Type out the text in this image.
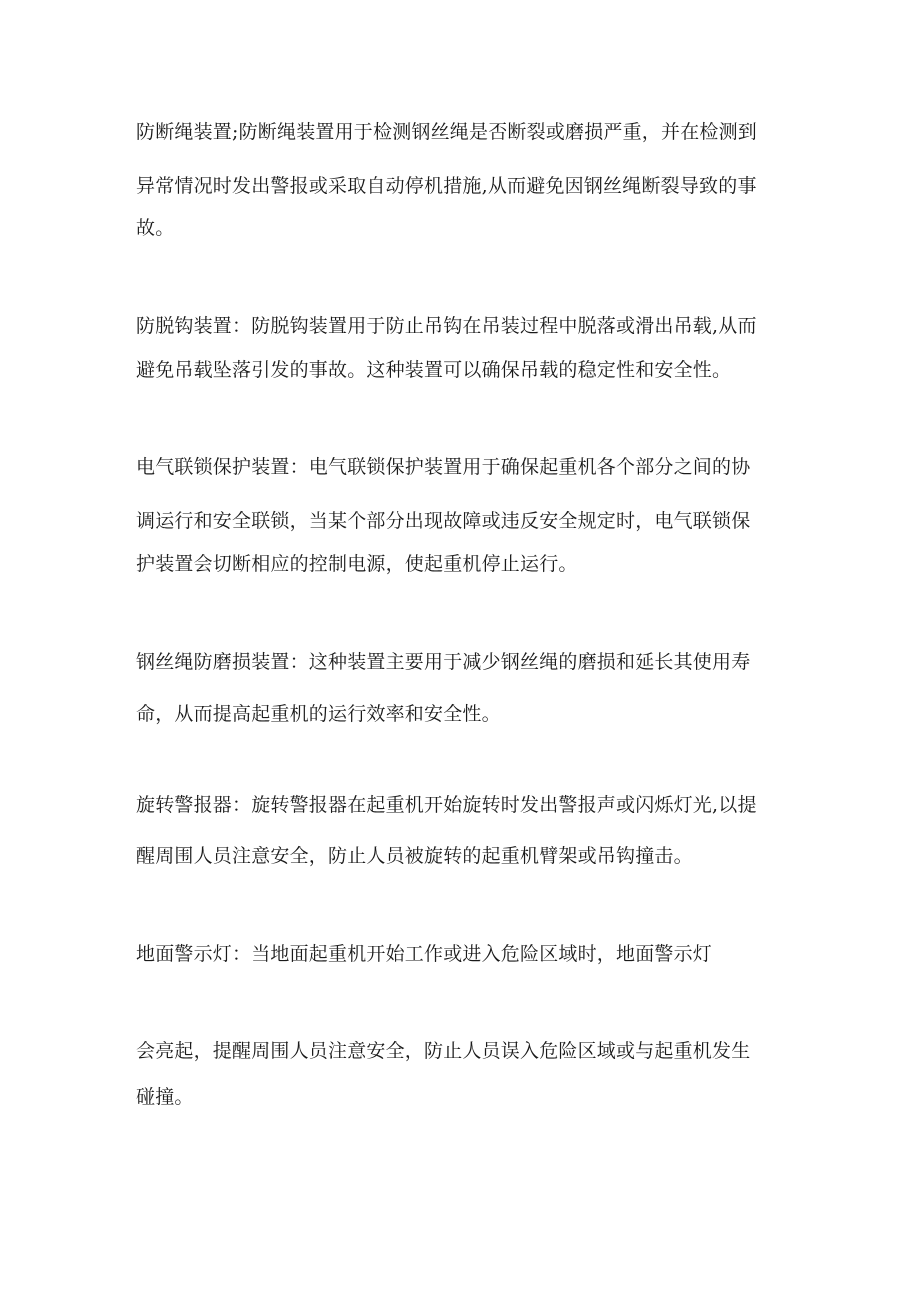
防断绳装置;防断绳装置用于检测钢丝绳是否断裂或磨损严重，并在检测到
异常情况时发出警报或采取自动停机措施,从而避免因钢丝绳断裂导致的事
故。
防脱钩装置：防脱钩装置用于防止吊钩在吊装过程中脱落或滑出吊载,从而
避免吊载坠落引发的事故。这种装置可以确保吊载的稳定性和安全性。
电气联锁保护装置：电气联锁保护装置用于确保起重机各个部分之间的协
调运行和安全联锁，当某个部分出现故障或违反安全规定时，电气联锁保
护装置会切断相应的控制电源，使起重机停止运行。
钢丝绳防磨损装置：这种装置主要用于减少钢丝绳的磨损和延长其使用寿
命，从而提高起重机的运行效率和安全性。
旋转警报器：旋转警报器在起重机开始旋转时发出警报声或闪烁灯光,以提
醒周围人员注意安全，防止人员被旋转的起重机臂架或吊钩撞击。
地面警示灯：当地面起重机开始工作或进入危险区域时，地面警示灯
会亮起，提醒周围人员注意安全，防止人员误入危险区域或与起重机发生
碰撞。
